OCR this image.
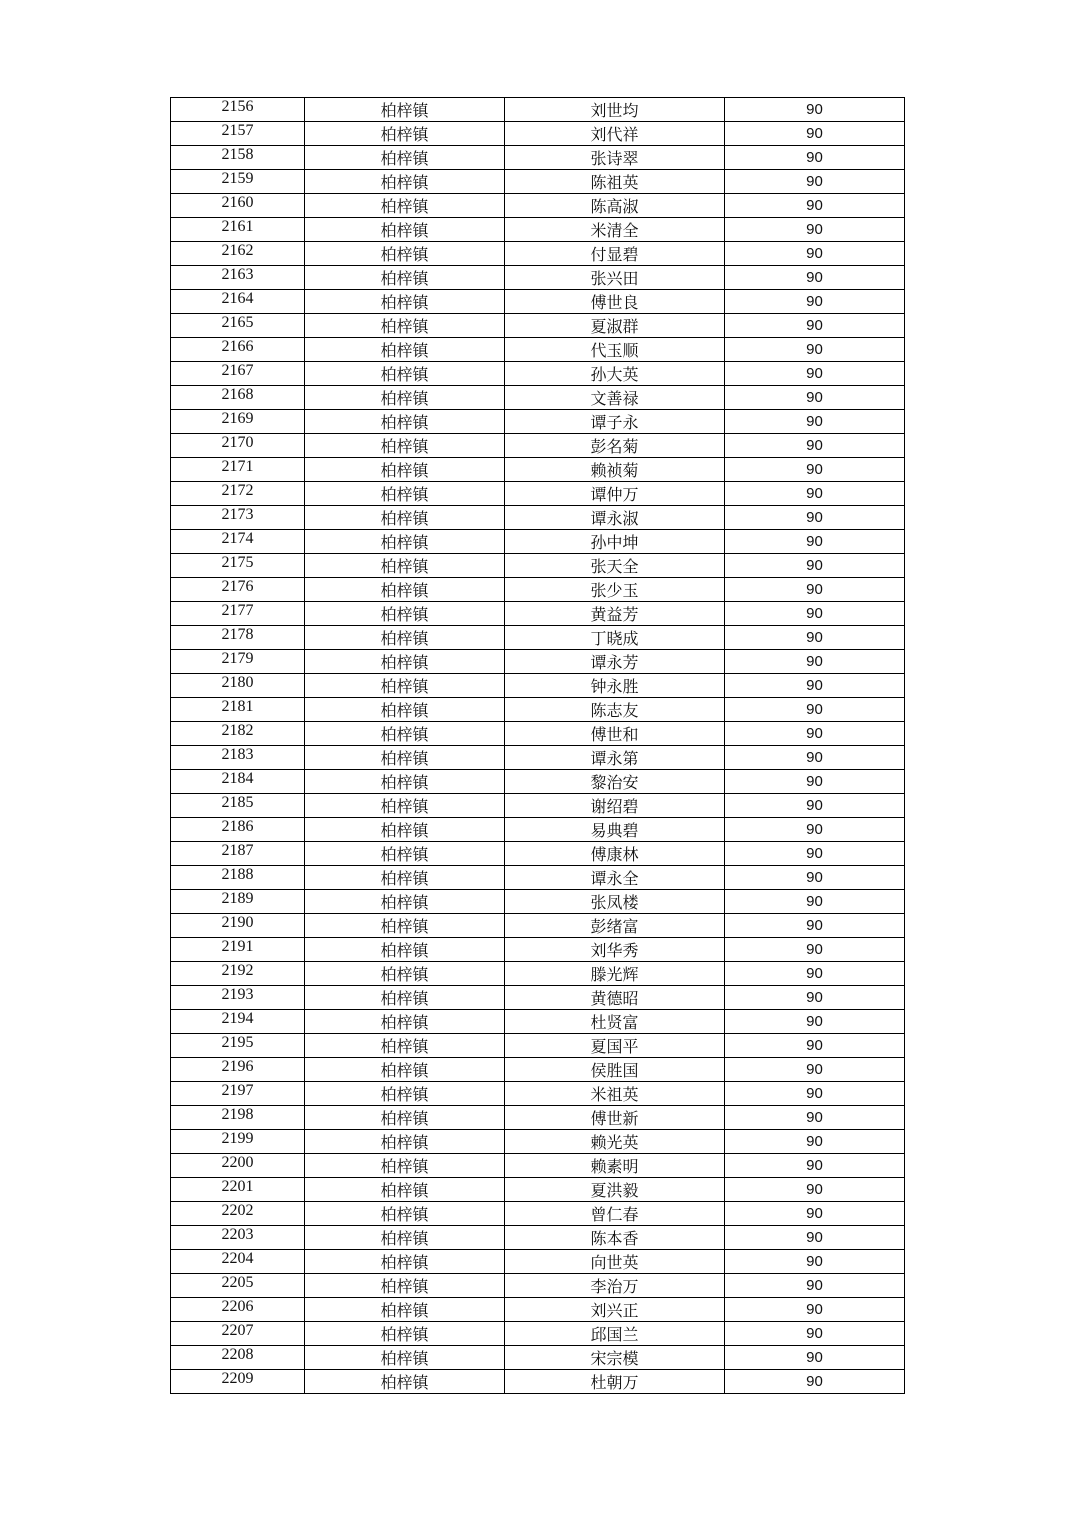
2156	柏梓镇	刘世均	90
2157	柏梓镇	刘代祥	90
2158	柏梓镇	张诗翠	90
2159	柏梓镇	陈祖英	90
2160	柏梓镇	陈高淑	90
2161	柏梓镇	米清全	90
2162	柏梓镇	付显碧	90
2163	柏梓镇	张兴田	90
2164	柏梓镇	傅世良	90
2165	柏梓镇	夏淑群	90
2166	柏梓镇	代玉顺	90
2167	柏梓镇	孙大英	90
2168	柏梓镇	文善禄	90
2169	柏梓镇	谭子永	90
2170	柏梓镇	彭名菊	90
2171	柏梓镇	赖祯菊	90
2172	柏梓镇	谭仲万	90
2173	柏梓镇	谭永淑	90
2174	柏梓镇	孙中坤	90
2175	柏梓镇	张天全	90
2176	柏梓镇	张少玉	90
2177	柏梓镇	黄益芳	90
2178	柏梓镇	丁晓成	90
2179	柏梓镇	谭永芳	90
2180	柏梓镇	钟永胜	90
2181	柏梓镇	陈志友	90
2182	柏梓镇	傅世和	90
2183	柏梓镇	谭永第	90
2184	柏梓镇	黎治安	90
2185	柏梓镇	谢绍碧	90
2186	柏梓镇	易典碧	90
2187	柏梓镇	傅康林	90
2188	柏梓镇	谭永全	90
2189	柏梓镇	张凤楼	90
2190	柏梓镇	彭绪富	90
2191	柏梓镇	刘华秀	90
2192	柏梓镇	滕光辉	90
2193	柏梓镇	黄德昭	90
2194	柏梓镇	杜贤富	90
2195	柏梓镇	夏国平	90
2196	柏梓镇	侯胜国	90
2197	柏梓镇	米祖英	90
2198	柏梓镇	傅世新	90
2199	柏梓镇	赖光英	90
2200	柏梓镇	赖素明	90
2201	柏梓镇	夏洪毅	90
2202	柏梓镇	曾仁春	90
2203	柏梓镇	陈本香	90
2204	柏梓镇	向世英	90
2205	柏梓镇	李治万	90
2206	柏梓镇	刘兴正	90
2207	柏梓镇	邱国兰	90
2208	柏梓镇	宋宗模	90
2209	柏梓镇	杜朝万	90
